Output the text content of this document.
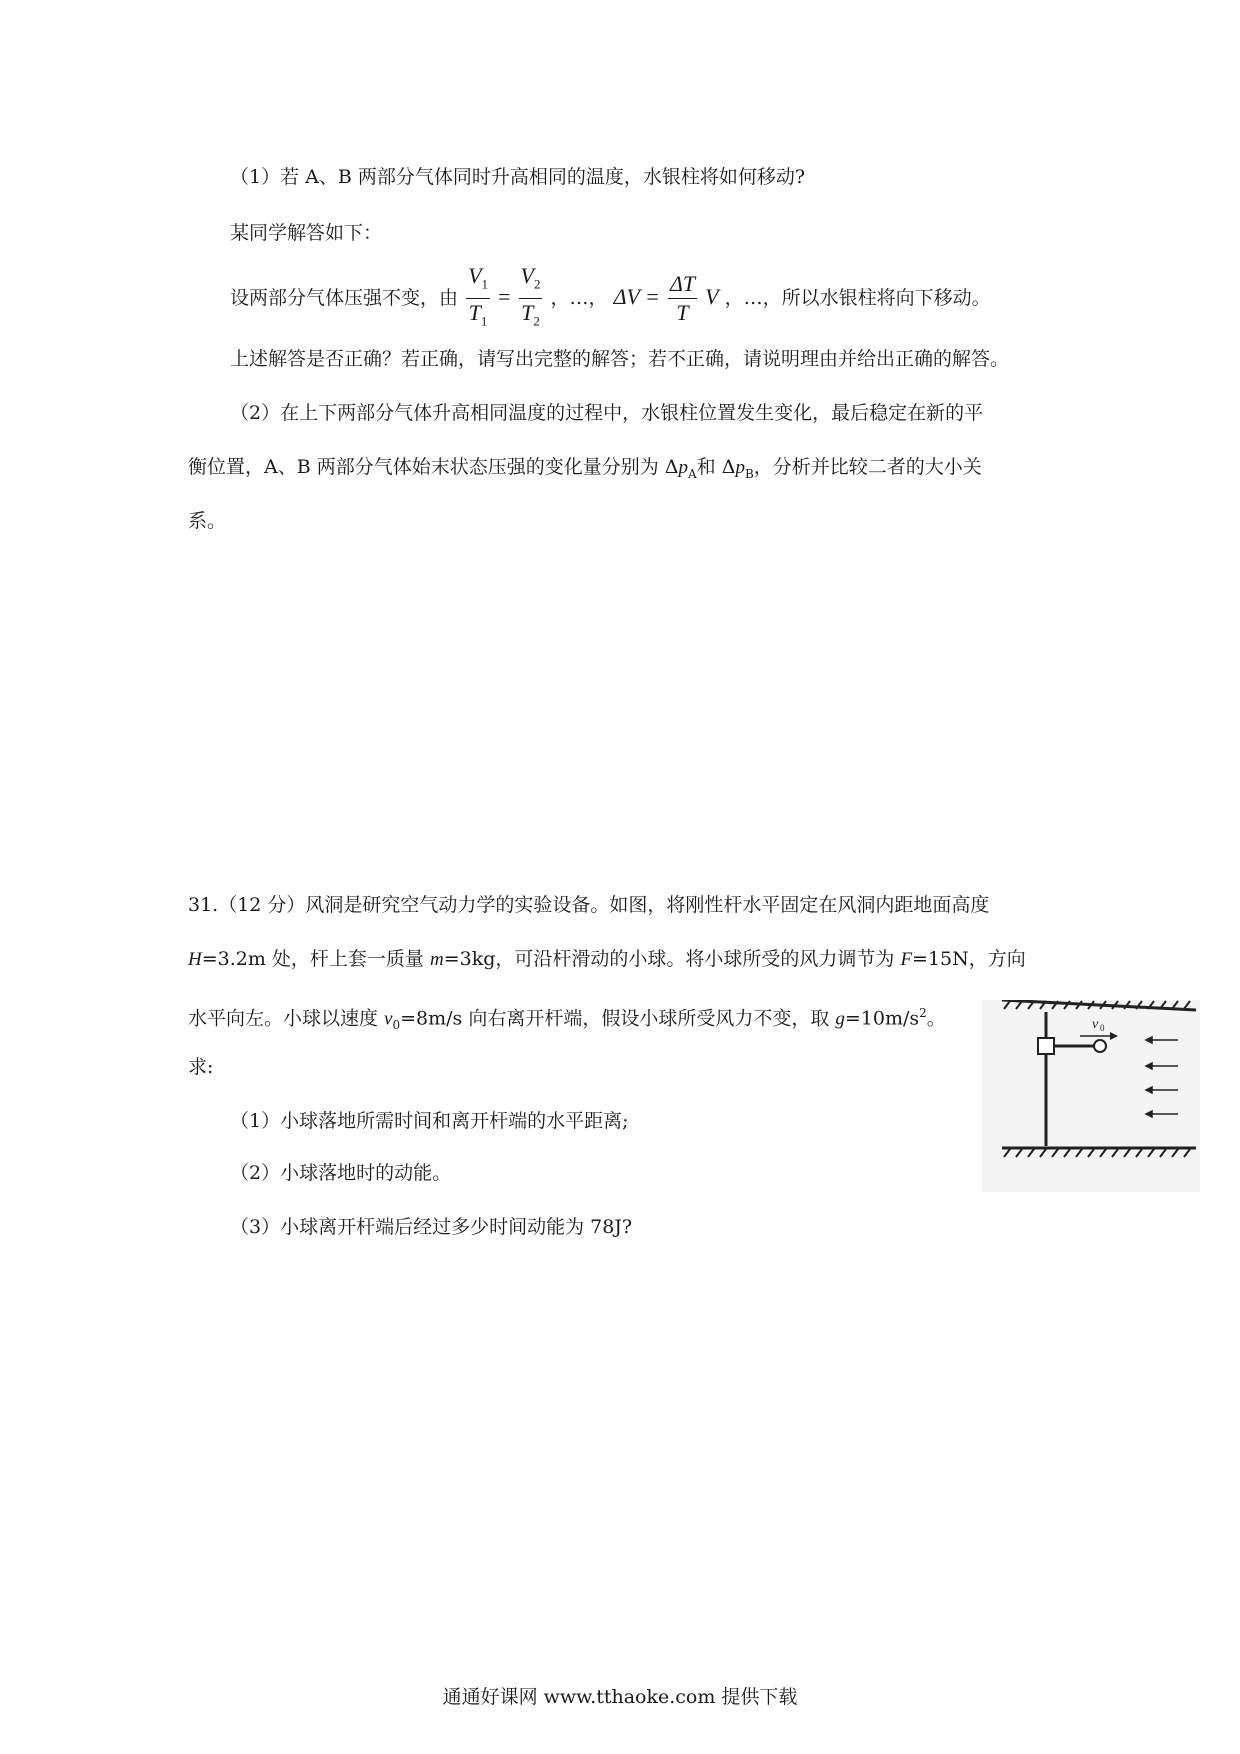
（1）若 A、B 两部分气体同时升高相同的温度，水银柱将如何移动?
某同学解答如下：
设两部分气体压强不变，由 $\frac{V_1}{T_1} = \frac{V_2}{T_2}$ ，…， $\Delta V = \frac{\Delta T}{T}$ V ，…，所以水银柱将向下移动。
上述解答是否正确？若正确，请写出完整的解答；若不正确，请说明理由并给出正确的解答。
（2）在上下两部分气体升高相同温度的过程中，水银柱位置发生变化，最后稳定在新的平
衡位置，A、B 两部分气体始末状态压强的变化量分别为 $\Delta p_A$和 $\Delta p_B$，分析并比较二者的大小关
系。
31.（12 分）风洞是研究空气动力学的实验设备。如图，将刚性杆水平固定在风洞内距地面高度
H=3.2m 处，杆上套一质量 m=3kg，可沿杆滑动的小球。将小球所受的风力调节为 F=15N，方向
水平向左。小球以速度 $v_0=8m/s$ 向右离开杆端，假设小球所受风力不变，取 $g=10m/s^2$。
求:
（1）小球落地所需时间和离开杆端的水平距离;
（2）小球落地时的动能。
（3）小球离开杆端后经过多少时间动能为 78J?
v 0
通通好课网 www.tthaoke.com 提供下载
